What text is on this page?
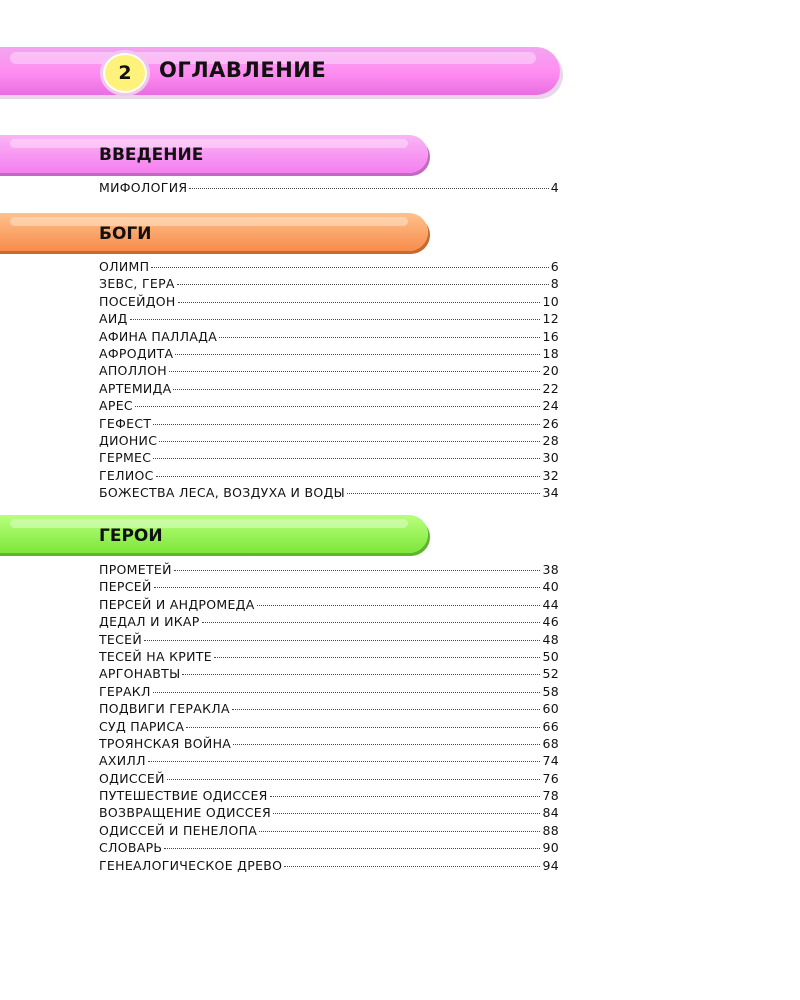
2	ОГЛАВЛЕНИЕ
ВВЕДЕНИЕ
МИФОЛОГИЯ	4
БОГИ
ОЛИМП	6
ЗЕВС, ГЕРА	8
ПОСЕЙДОН	10
АИД	12
АФИНА ПАЛЛАДА	16
АФРОДИТА	18
АПОЛЛОН	20
АРТЕМИДА	22
АРЕС	24
ГЕФЕСТ	26
ДИОНИС	28
ГЕРМЕС	30
ГЕЛИОС	32
БОЖЕСТВА ЛЕСА, ВОЗДУХА И ВОДЫ	34
ГЕРОИ
ПРОМЕТЕЙ	38
ПЕРСЕЙ	40
ПЕРСЕЙ И АНДРОМЕДА	44
ДЕДАЛ И ИКАР	46
ТЕСЕЙ	48
ТЕСЕЙ НА КРИТЕ	50
АРГОНАВТЫ	52
ГЕРАКЛ	58
ПОДВИГИ ГЕРАКЛА	60
СУД ПАРИСА	66
ТРОЯНСКАЯ ВОЙНА	68
АХИЛЛ	74
ОДИССЕЙ	76
ПУТЕШЕСТВИЕ ОДИССЕЯ	78
ВОЗВРАЩЕНИЕ ОДИССЕЯ	84
ОДИССЕЙ И ПЕНЕЛОПА	88
СЛОВАРЬ	90
ГЕНЕАЛОГИЧЕСКОЕ ДРЕВО	94
